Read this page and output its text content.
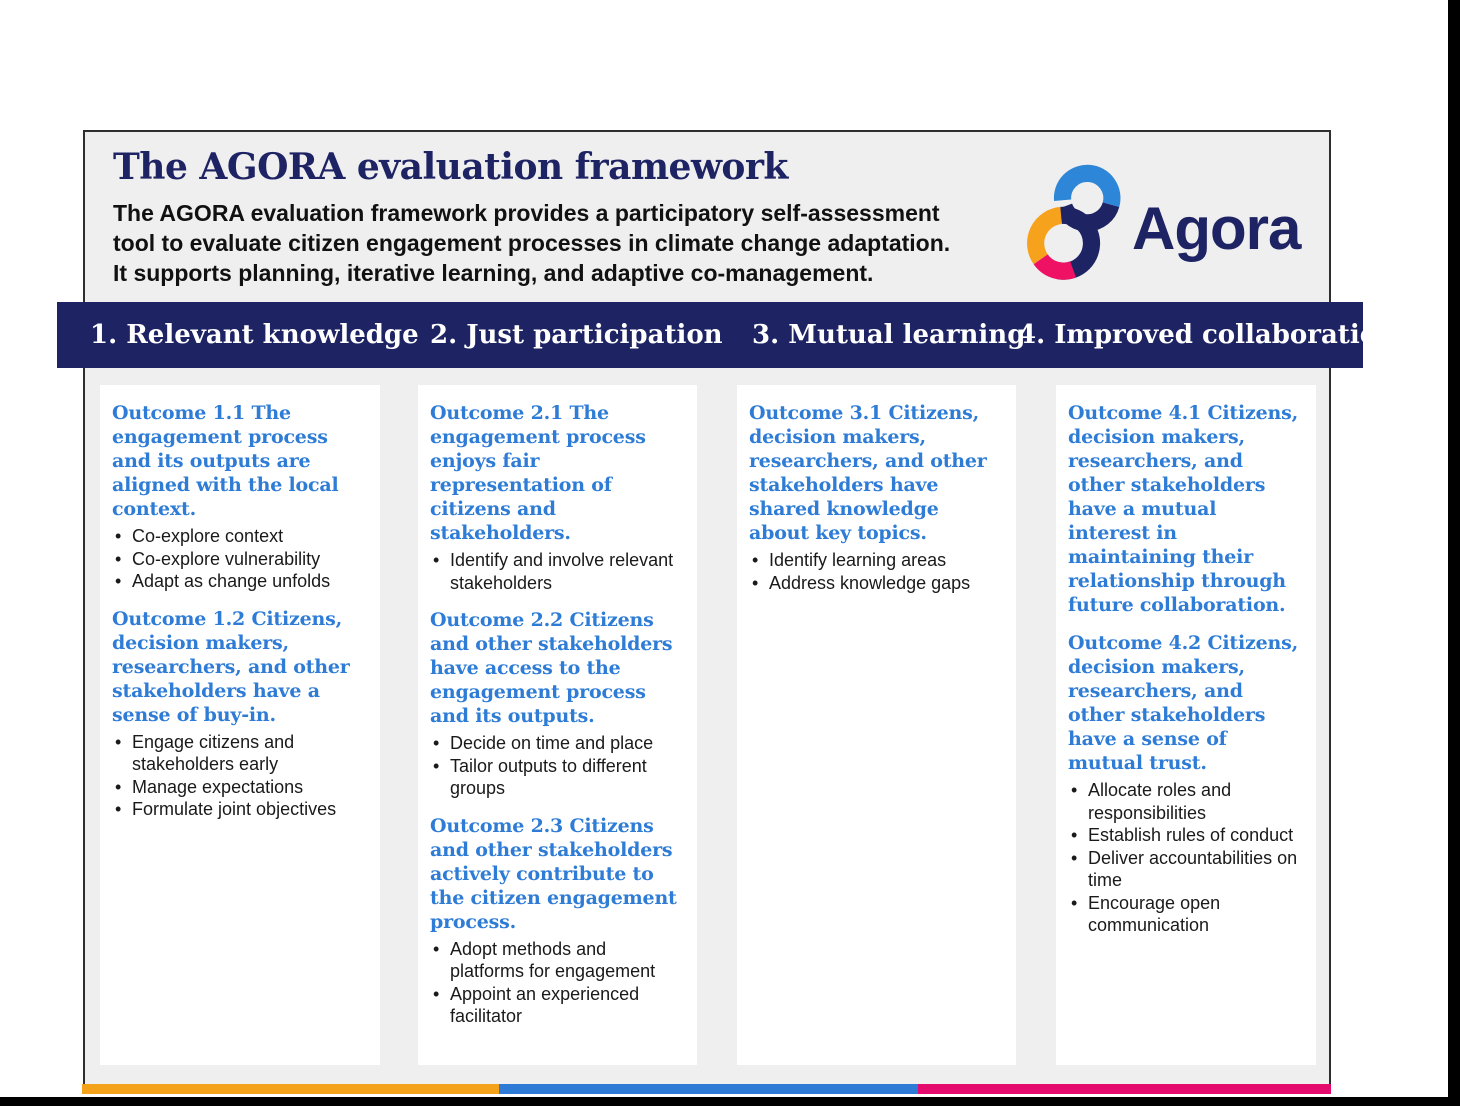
The AGORA evaluation framework
The AGORA evaluation framework provides a participatory self-assessment
tool to evaluate citizen engagement processes in climate change adaptation.
It supports planning, iterative learning, and adaptive co-management.
Agora
1. Relevant knowledge 2. Just participation 3. Mutual learning
4. Improved collaboration
Outcome 1.1 The engagement process and its outputs are aligned with the local context.
• Co-explore context
• Co-explore vulnerability
• Adapt as change unfolds
Outcome 1.2 Citizens, decision makers, researchers, and other stakeholders have a sense of buy-in.
• Engage citizens and stakeholders early
• Manage expectations
• Formulate joint objectives
Outcome 2.1 The engagement process enjoys fair representation of citizens and stakeholders.
• Identify and involve relevant stakeholders
Outcome 2.2 Citizens and other stakeholders have access to the engagement process and its outputs.
• Decide on time and place
• Tailor outputs to different groups
Outcome 2.3 Citizens and other stakeholders actively contribute to the citizen engagement process.
• Adopt methods and platforms for engagement
• Appoint an experienced facilitator
Outcome 3.1 Citizens, decision makers, researchers, and other stakeholders have shared knowledge about key topics.
• Identify learning areas
• Address knowledge gaps
Outcome 4.1 Citizens, decision makers, researchers, and other stakeholders have a mutual interest in maintaining their relationship through future collaboration.
Outcome 4.2 Citizens, decision makers, researchers, and other stakeholders have a sense of mutual trust.
• Allocate roles and responsibilities
• Establish rules of conduct
• Deliver accountabilities on time
• Encourage open communication
